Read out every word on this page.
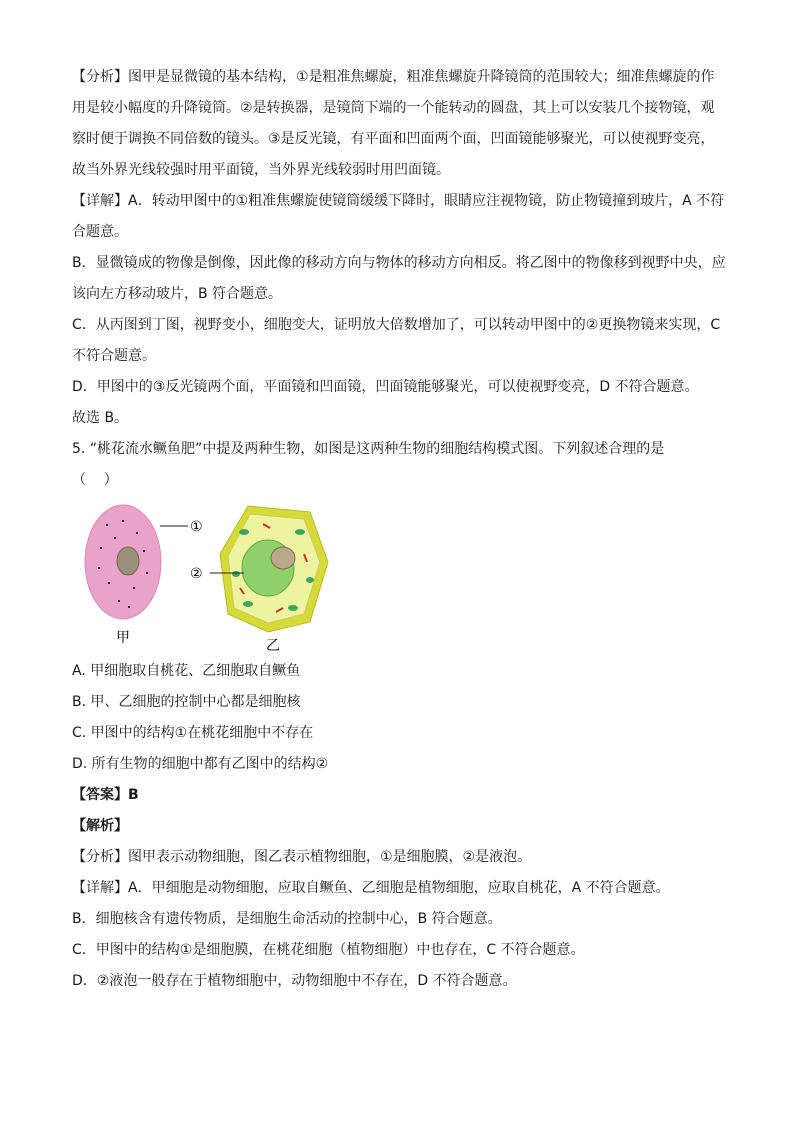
【分析】图甲是显微镜的基本结构，①是粗准焦螺旋，粗准焦螺旋升降镜筒的范围较大；细准焦螺旋的作

用是较小幅度的升降镜筒。②是转换器，是镜筒下端的一个能转动的圆盘，其上可以安装几个接物镜，观

察时便于调换不同倍数的镜头。③是反光镜，有平面和凹面两个面，凹面镜能够聚光，可以使视野变亮，

故当外界光线较强时用平面镜，当外界光线较弱时用凹面镜。

【详解】A．转动甲图中的①粗准焦螺旋使镜筒缓缓下降时，眼睛应注视物镜，防止物镜撞到玻片，A 不符

合题意。

B．显微镜成的物像是倒像，因此像的移动方向与物体的移动方向相反。将乙图中的物像移到视野中央，应

该向左方移动玻片，B 符合题意。

C．从丙图到丁图，视野变小，细胞变大，证明放大倍数增加了，可以转动甲图中的②更换物镜来实现，C

不符合题意。

D．甲图中的③反光镜两个面，平面镜和凹面镜，凹面镜能够聚光，可以使视野变亮，D 不符合题意。

故选 B。

5. “桃花流水鳜鱼肥”中提及两种生物，如图是这两种生物的细胞结构模式图。下列叙述合理的是

（    ）

①
甲
②
乙

A. 甲细胞取自桃花、乙细胞取自鳜鱼

B. 甲、乙细胞的控制中心都是细胞核

C. 甲图中的结构①在桃花细胞中不存在

D. 所有生物的细胞中都有乙图中的结构②

【答案】B

【解析】

【分析】图甲表示动物细胞，图乙表示植物细胞，①是细胞膜，②是液泡。

【详解】A．甲细胞是动物细胞，应取自鳜鱼、乙细胞是植物细胞，应取自桃花，A 不符合题意。

B．细胞核含有遗传物质，是细胞生命活动的控制中心，B 符合题意。

C．甲图中的结构①是细胞膜，在桃花细胞（植物细胞）中也存在，C 不符合题意。

D．②液泡一般存在于植物细胞中，动物细胞中不存在，D 不符合题意。
